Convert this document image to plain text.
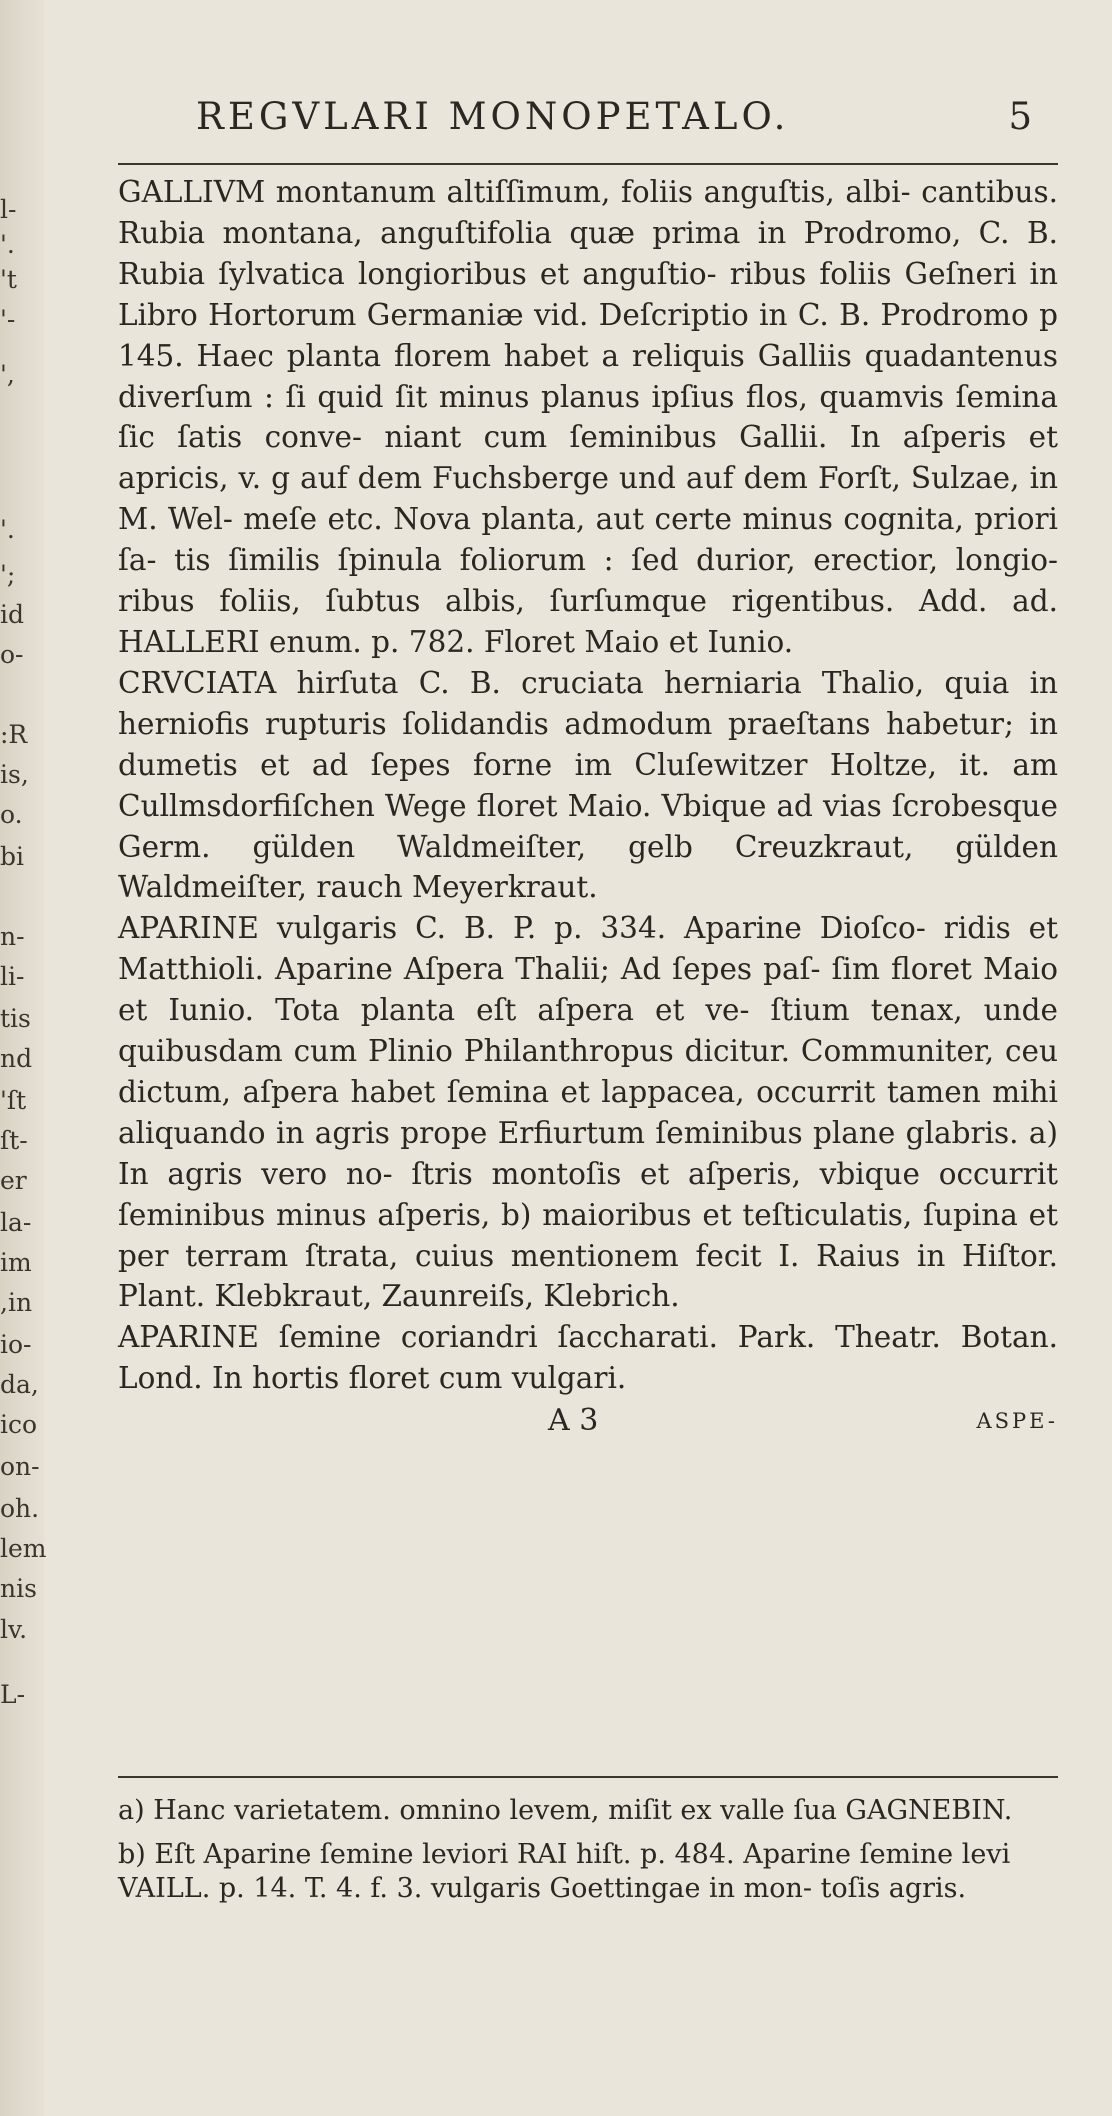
l-
'.
't
'-
',
'.
';
id
o-
:R
is,
o.
bi
n-
li-
tis
nd
'ſt
ſt-
er
la-
im
,in
io-
da,
ico
on-
oh.
lem
nis
lv.
L-
REGVLARI MONOPETALO.	5

GALLIVM montanum altiſſimum, foliis anguſtis, albi- cantibus. Rubia montana, anguſtifolia quæ prima in Prodromo, C. B. Rubia ſylvatica longioribus et anguſtio- ribus foliis Geſneri in Libro Hortorum Germaniæ vid. Deſcriptio in C. B. Prodromo p 145. Haec planta florem habet a reliquis Galliis quadantenus diverſum : ſi quid ſit minus planus ipſius flos, quamvis ſemina ſic ſatis conve- niant cum ſeminibus Gallii. In aſperis et apricis, v. g auf dem Fuchsberge und auf dem Forſt, Sulzae, in M. Wel- meſe etc. Nova planta, aut certe minus cognita, priori ſa- tis ſimilis ſpinula foliorum : ſed durior, erectior, longio- ribus foliis, ſubtus albis, ſurſumque rigentibus. Add. ad. HALLERI enum. p. 782. Floret Maio et Iunio.

CRVCIATA hirſuta C. B. cruciata herniaria Thalio, quia in herniofis rupturis ſolidandis admodum praeſtans habetur; in dumetis et ad ſepes forne im Cluſewitzer Holtze, it. am Cullmsdorfiſchen Wege floret Maio. Vbique ad vias ſcrobesque Germ. gülden Waldmeiſter, gelb Creuzkraut, gülden Waldmeiſter, rauch Meyerkraut.

APARINE vulgaris C. B. P. p. 334. Aparine Dioſco- ridis et Matthioli. Aparine Aſpera Thalii; Ad ſepes paſ- ſim floret Maio et Iunio. Tota planta eſt aſpera et ve- ſtium tenax, unde quibusdam cum Plinio Philanthropus dicitur. Communiter, ceu dictum, aſpera habet ſemina et lappacea, occurrit tamen mihi aliquando in agris prope Erfiurtum ſeminibus plane glabris. a) In agris vero no- ſtris montoſis et aſperis, vbique occurrit ſeminibus minus aſperis, b) maioribus et teſticulatis, ſupina et per terram ſtrata, cuius mentionem fecit I. Raius in Hiſtor. Plant. Klebkraut, Zaunreiſs, Klebrich.

APARINE ſemine coriandri ſaccharati. Park. Theatr. Botan. Lond. In hortis floret cum vulgari.

A 3	ASPE-

a) Hanc varietatem. omnino levem, miſit ex valle ſua GAGNEBIN.

b) Eſt Aparine ſemine leviori RAI hiſt. p. 484. Aparine ſemine levi VAILL. p. 14. T. 4. f. 3. vulgaris Goettingae in mon- toſis agris.
